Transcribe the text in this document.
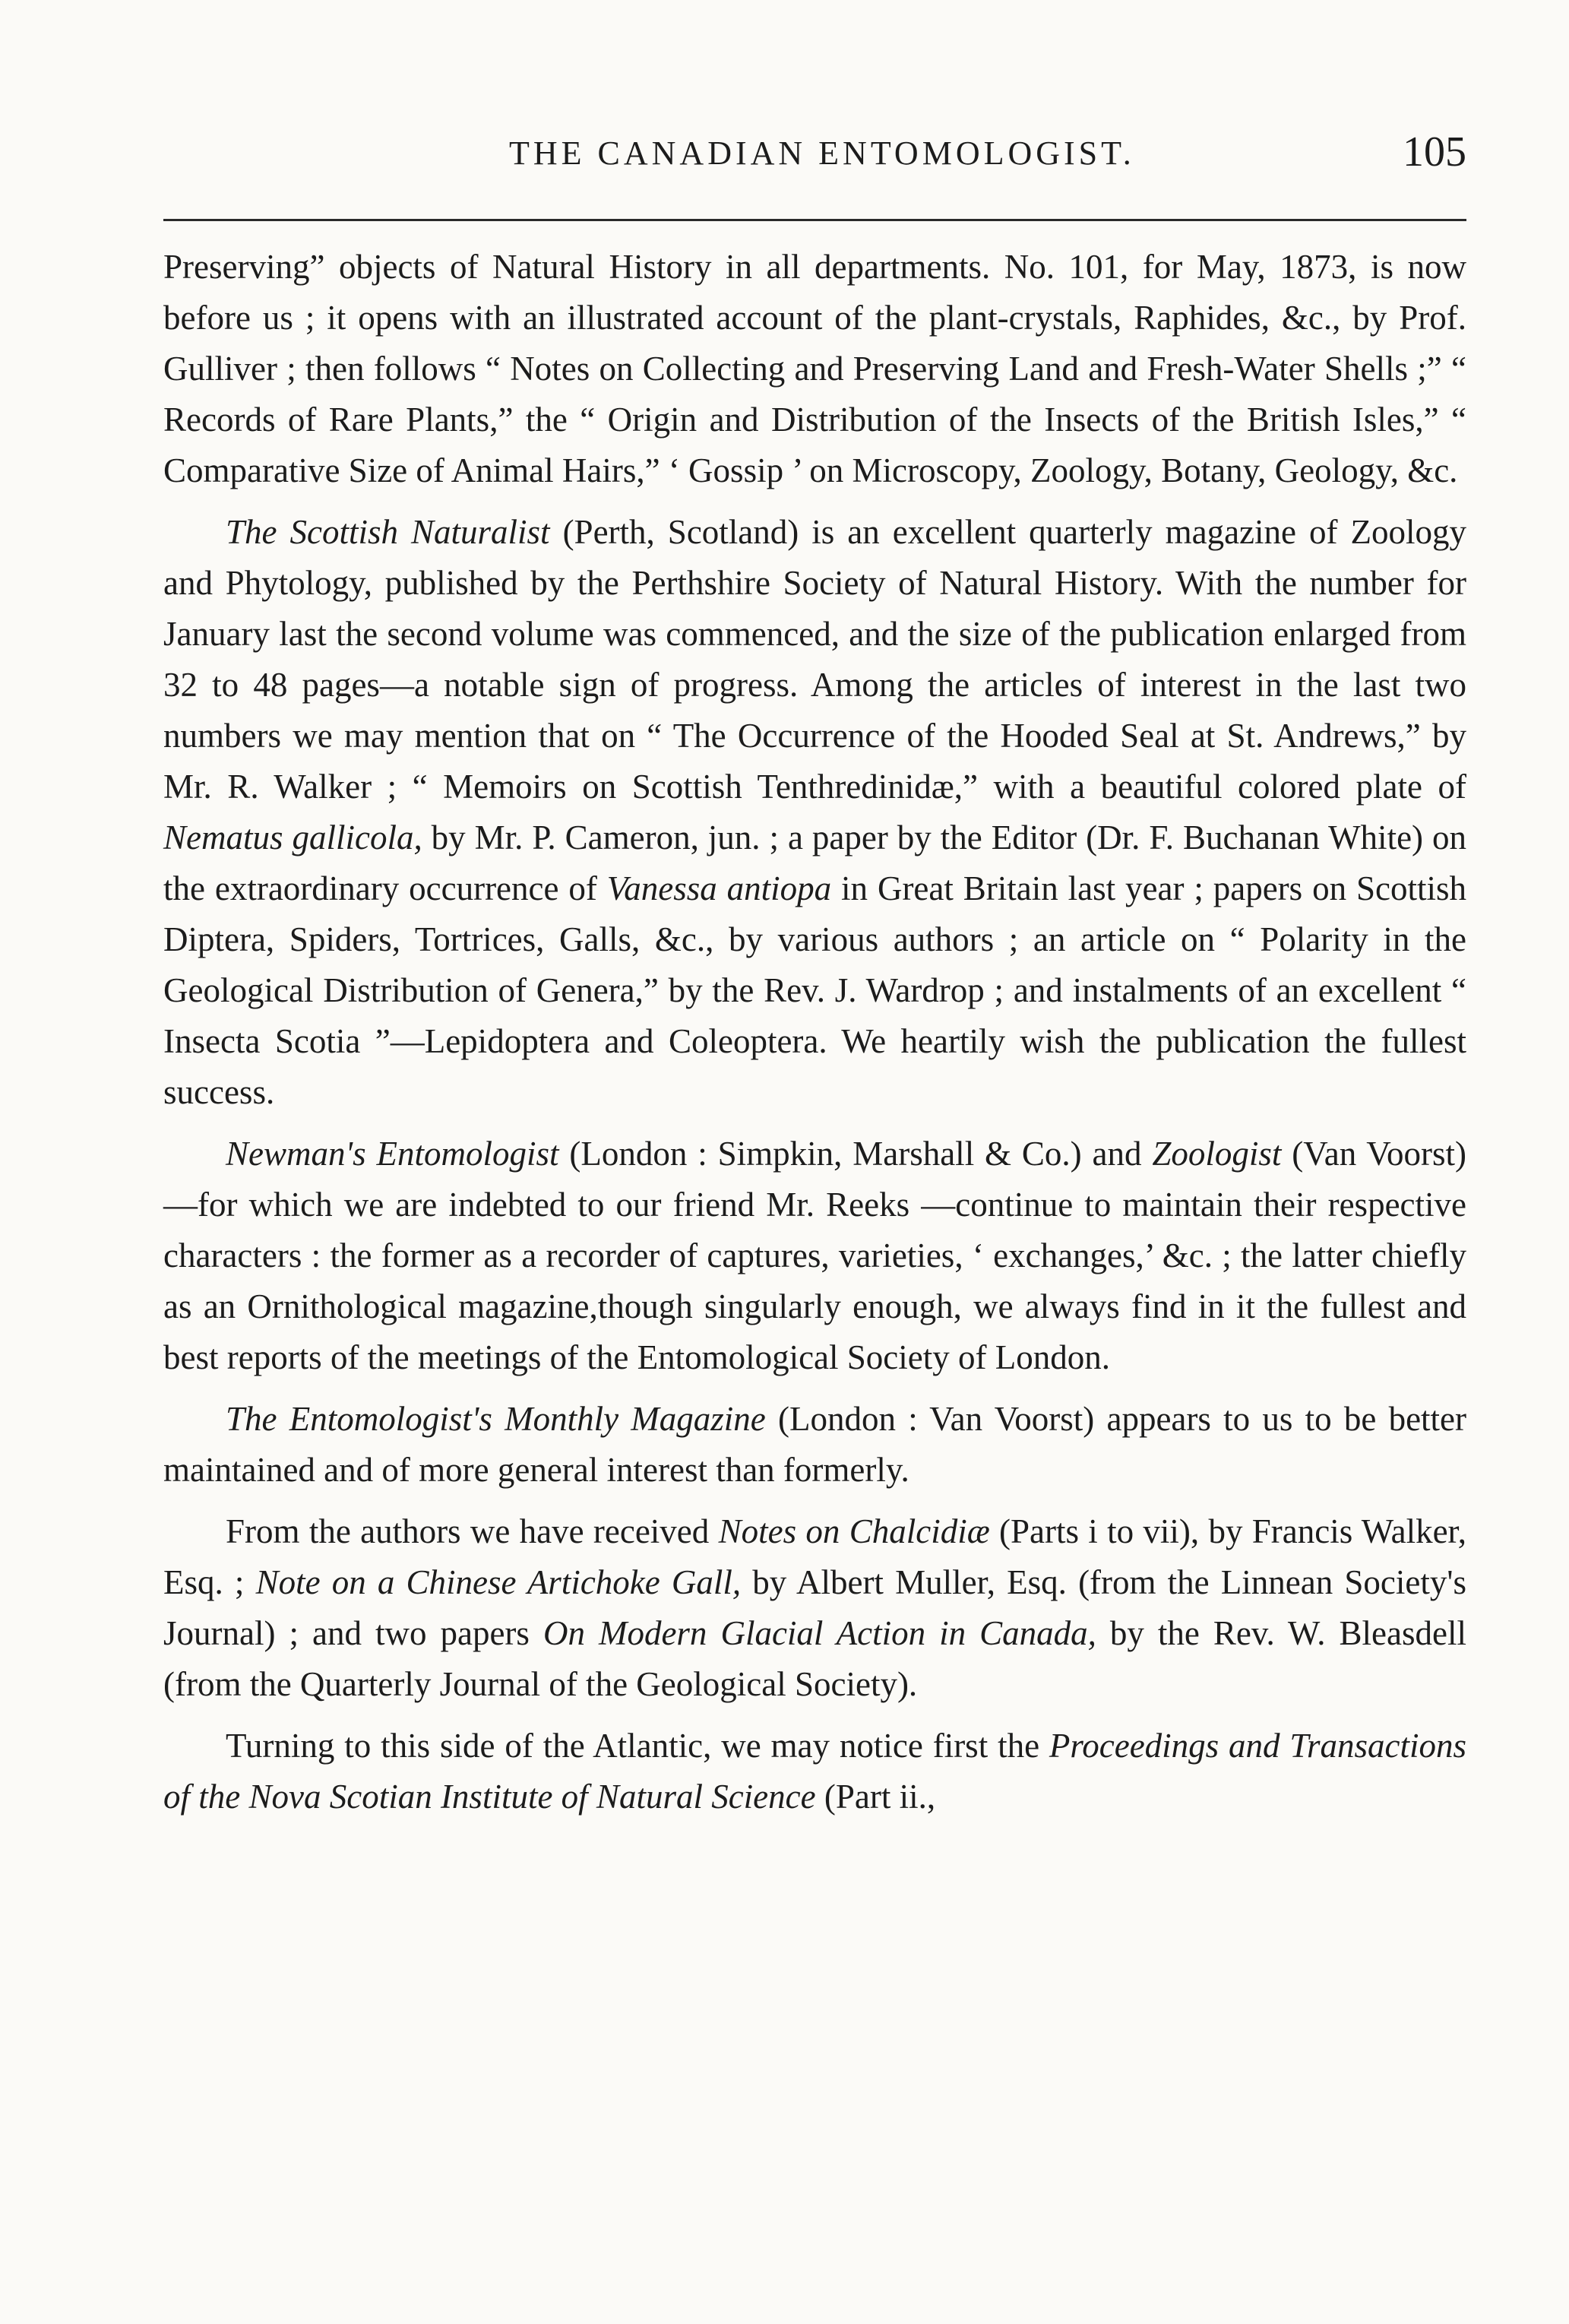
THE CANADIAN ENTOMOLOGIST.	105

Preserving” objects of Natural History in all departments. No. 101, for May, 1873, is now before us ; it opens with an illustrated account of the plant-crystals, Raphides, &c., by Prof. Gulliver ; then follows “ Notes on Collecting and Preserving Land and Fresh-Water Shells ;” “ Records of Rare Plants,” the “ Origin and Distribution of the Insects of the British Isles,” “ Comparative Size of Animal Hairs,” ‘ Gossip ’ on Microscopy, Zoology, Botany, Geology, &c.

The Scottish Naturalist (Perth, Scotland) is an excellent quarterly magazine of Zoology and Phytology, published by the Perthshire Society of Natural History. With the number for January last the second volume was commenced, and the size of the publication enlarged from 32 to 48 pages—a notable sign of progress. Among the articles of interest in the last two numbers we may mention that on “ The Occurrence of the Hooded Seal at St. Andrews,” by Mr. R. Walker ; “ Memoirs on Scottish Tenthredinidæ,” with a beautiful colored plate of Nematus gallicola, by Mr. P. Cameron, jun. ; a paper by the Editor (Dr. F. Buchanan White) on the extraordinary occurrence of Vanessa antiopa in Great Britain last year ; papers on Scottish Diptera, Spiders, Tortrices, Galls, &c., by various authors ; an article on “ Polarity in the Geological Distribution of Genera,” by the Rev. J. Wardrop ; and instalments of an excellent “ Insecta Scotia ”—Lepidoptera and Coleoptera. We heartily wish the publication the fullest success.

Newman's Entomologist (London : Simpkin, Marshall & Co.) and Zoologist (Van Voorst)—for which we are indebted to our friend Mr. Reeks —continue to maintain their respective characters : the former as a recorder of captures, varieties, ‘ exchanges,’ &c. ; the latter chiefly as an Ornithological magazine,though singularly enough, we always find in it the fullest and best reports of the meetings of the Entomological Society of London.

The Entomologist's Monthly Magazine (London : Van Voorst) appears to us to be better maintained and of more general interest than formerly.

From the authors we have received Notes on Chalcidiæ (Parts i to vii), by Francis Walker, Esq. ; Note on a Chinese Artichoke Gall, by Albert Muller, Esq. (from the Linnean Society's Journal) ; and two papers On Modern Glacial Action in Canada, by the Rev. W. Bleasdell (from the Quarterly Journal of the Geological Society).

Turning to this side of the Atlantic, we may notice first the Proceedings and Transactions of the Nova Scotian Institute of Natural Science (Part ii.,
